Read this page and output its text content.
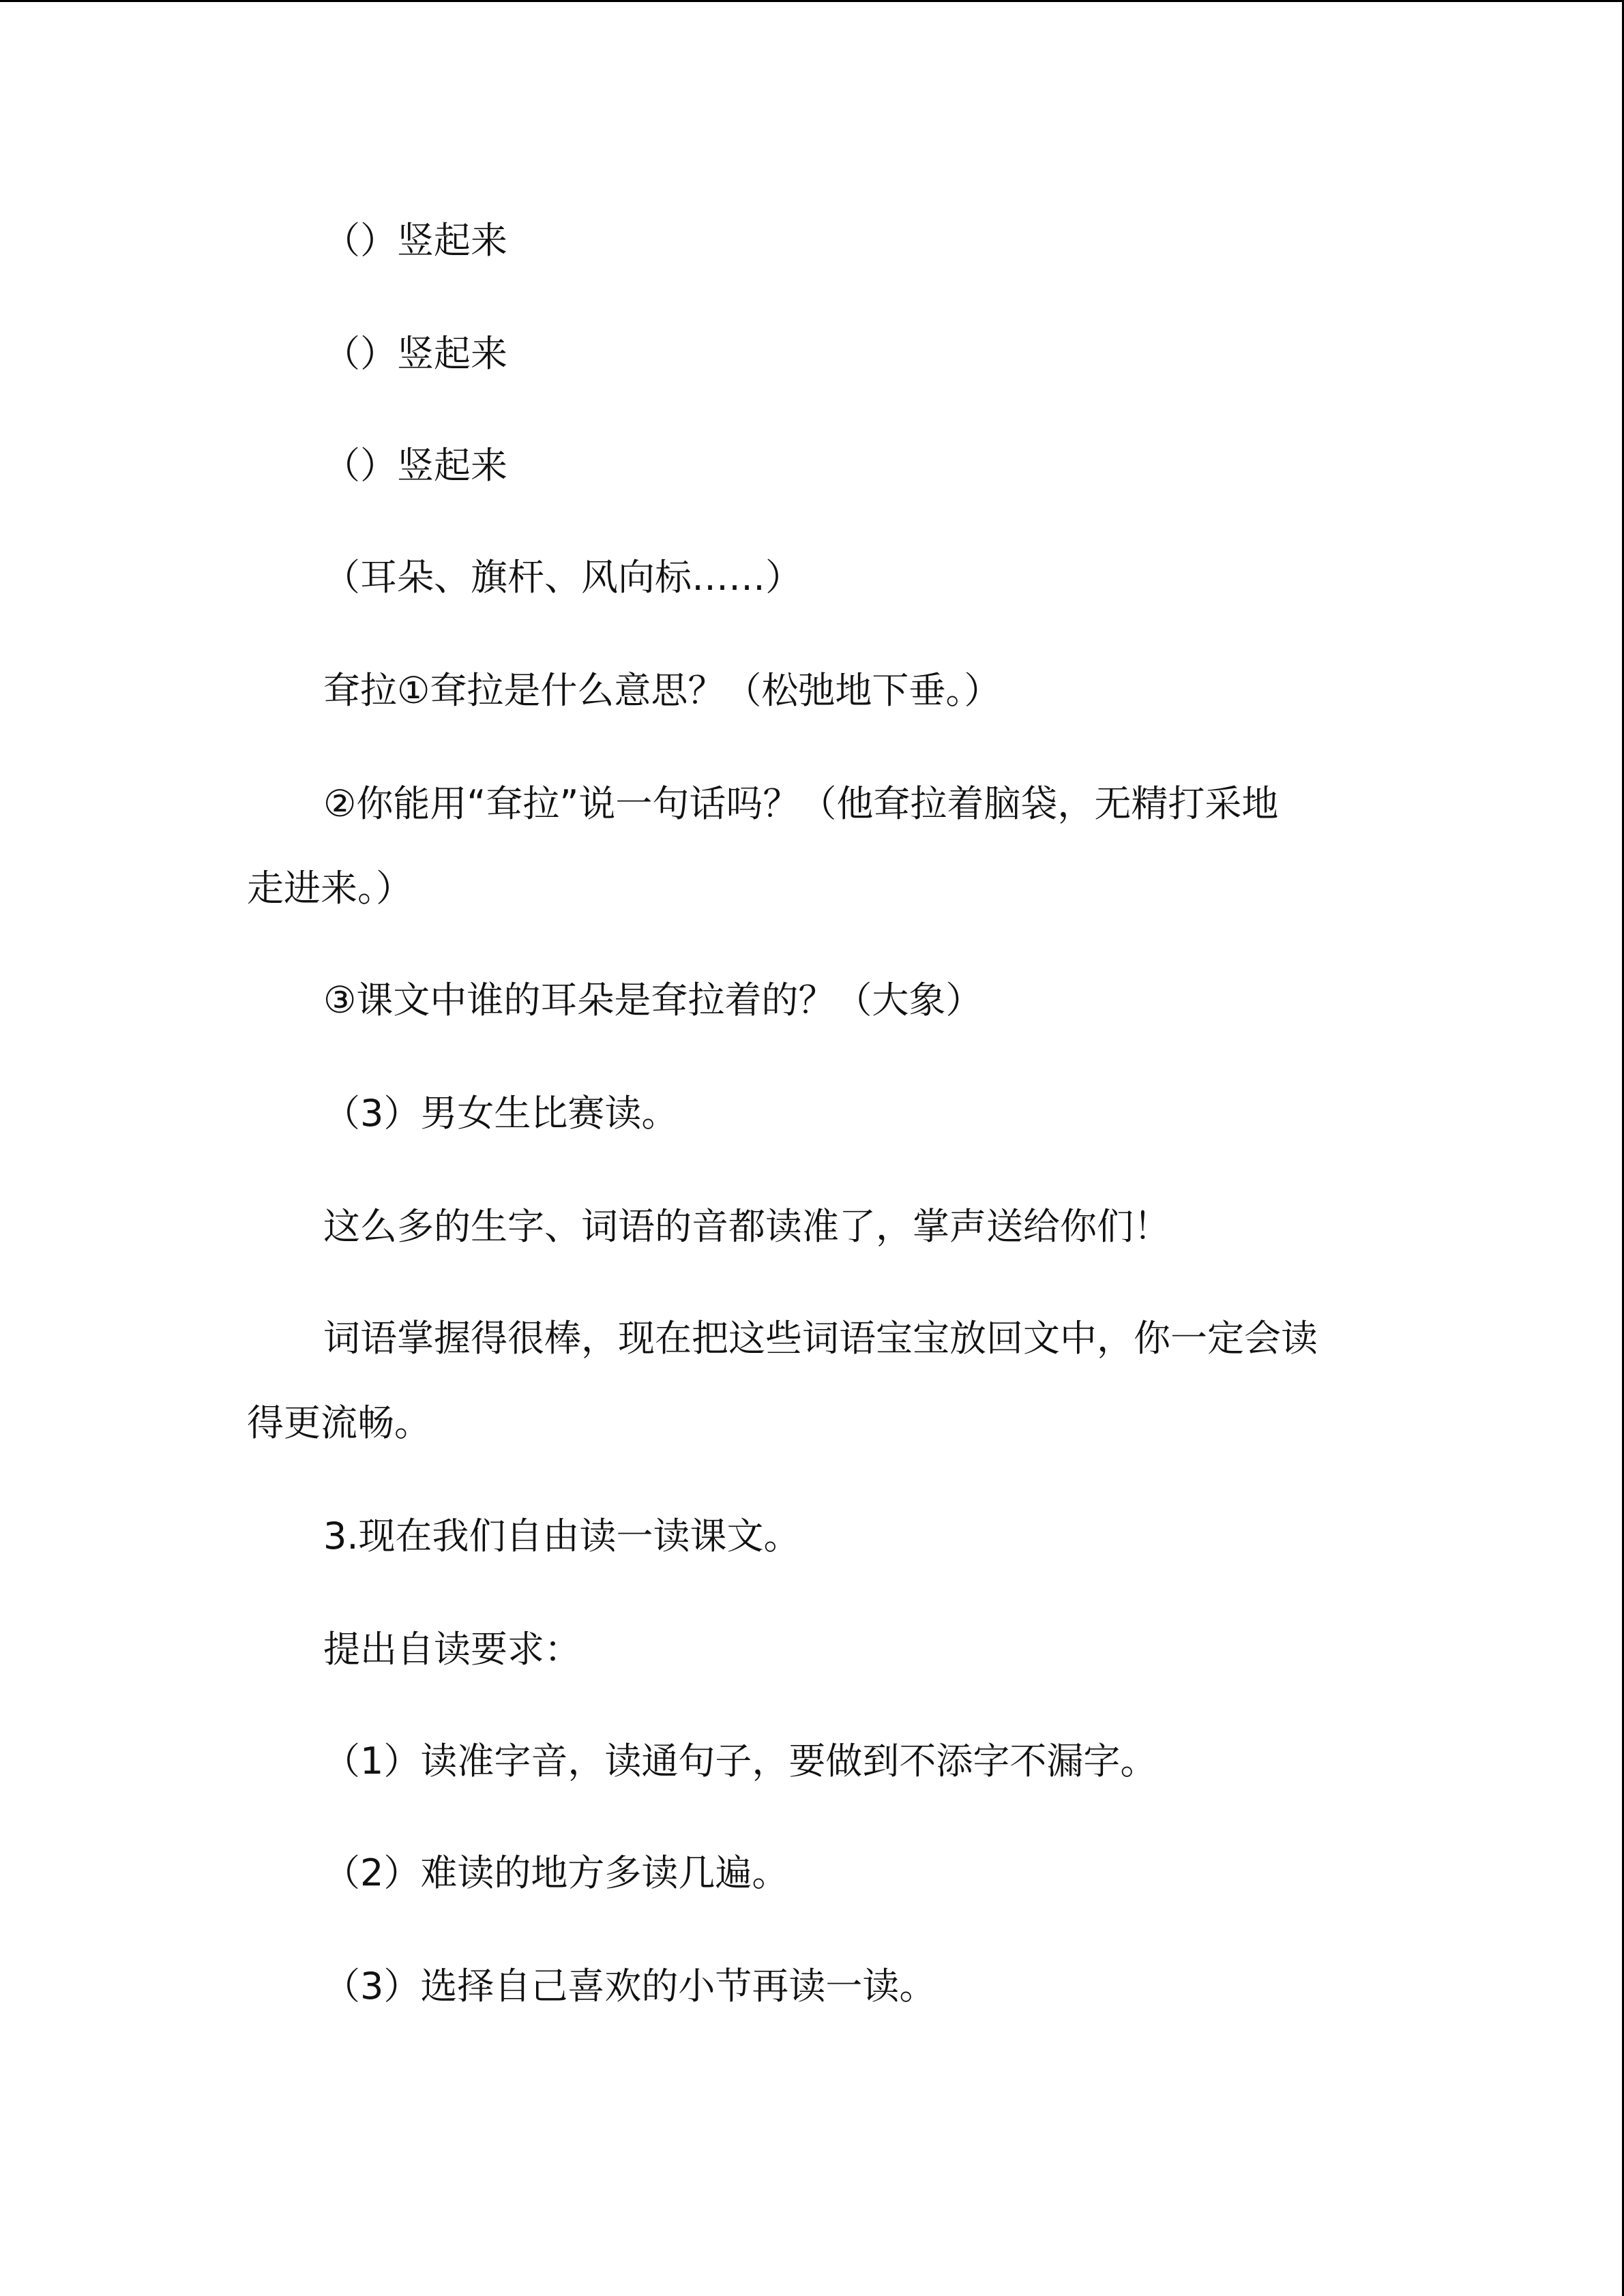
（）竖起来
（）竖起来
（）竖起来
（耳朵、旗杆、风向标……）
耷拉①耷拉是什么意思？（松弛地下垂。）
②你能用“耷拉”说一句话吗？（他耷拉着脑袋，无精打采地
走进来。）
③课文中谁的耳朵是耷拉着的？（大象）
（3）男女生比赛读。
这么多的生字、词语的音都读准了，掌声送给你们！
词语掌握得很棒，现在把这些词语宝宝放回文中，你一定会读
得更流畅。
3.现在我们自由读一读课文。
提出自读要求：
（1）读准字音，读通句子，要做到不添字不漏字。
（2）难读的地方多读几遍。
（3）选择自己喜欢的小节再读一读。
